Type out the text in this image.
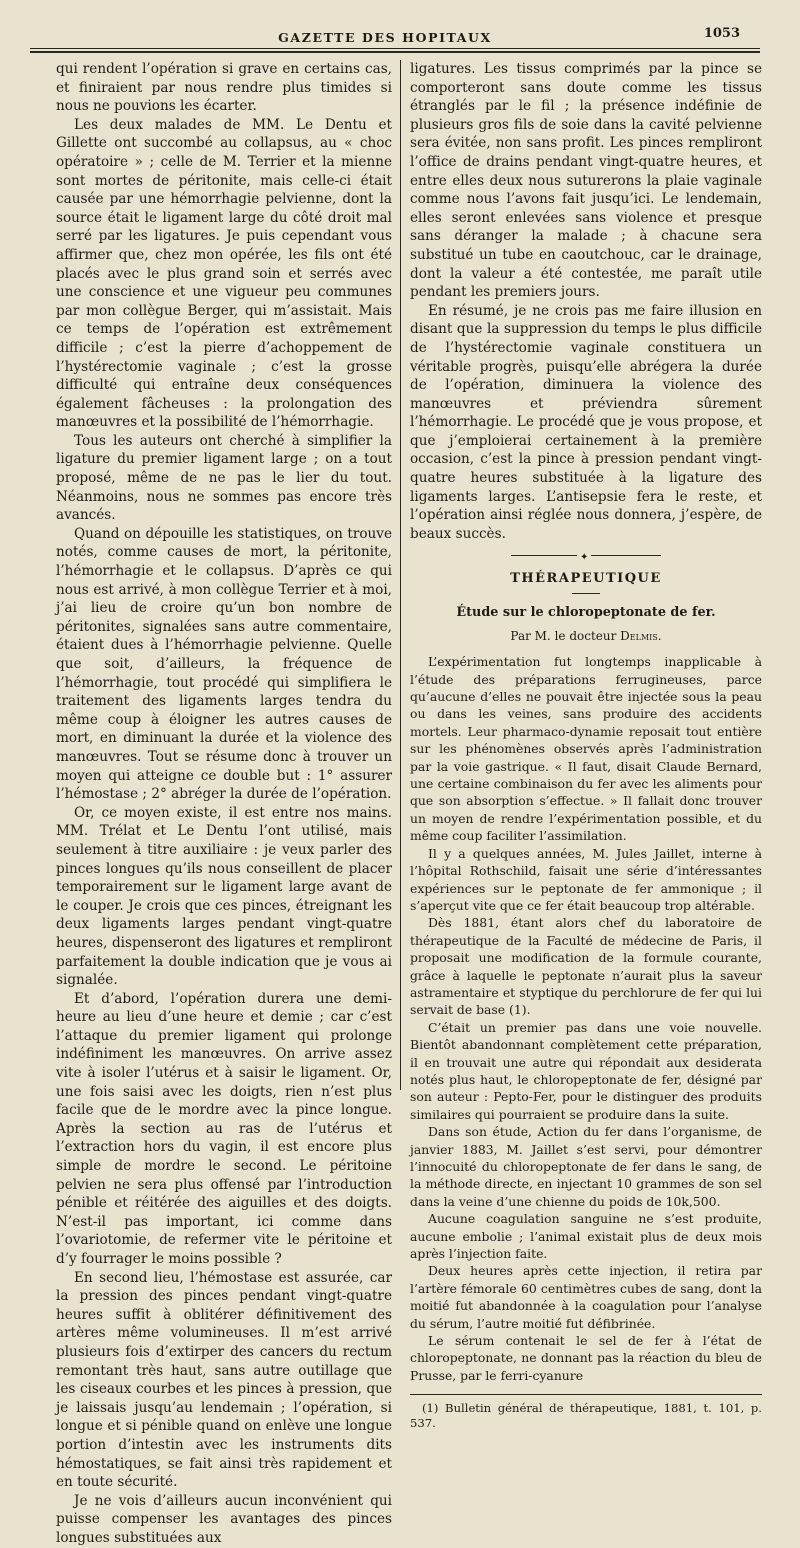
GAZETTE DES HOPITAUX	1053

qui rendent l’opération si grave en certains cas, et finiraient par nous rendre plus timides si nous ne pouvions les écarter.

Les deux malades de MM. Le Dentu et Gillette ont succombé au collapsus, au « choc opératoire » ; celle de M. Terrier et la mienne sont mortes de péritonite, mais celle-ci était causée par une hémorrhagie pelvienne, dont la source était le ligament large du côté droit mal serré par les ligatures. Je puis cependant vous affirmer que, chez mon opérée, les fils ont été placés avec le plus grand soin et serrés avec une conscience et une vigueur peu communes par mon collègue Berger, qui m’assistait. Mais ce temps de l’opération est extrêmement difficile ; c’est la pierre d’achoppement de l’hystérectomie vaginale ; c’est la grosse difficulté qui entraîne deux conséquences également fâcheuses : la prolongation des manœuvres et la possibilité de l’hémorrhagie.

Tous les auteurs ont cherché à simplifier la ligature du premier ligament large ; on a tout proposé, même de ne pas le lier du tout. Néanmoins, nous ne sommes pas encore très avancés.

Quand on dépouille les statistiques, on trouve notés, comme causes de mort, la péritonite, l’hémorrhagie et le collapsus. D’après ce qui nous est arrivé, à mon collègue Terrier et à moi, j’ai lieu de croire qu’un bon nombre de péritonites, signalées sans autre commentaire, étaient dues à l’hémorrhagie pelvienne. Quelle que soit, d’ailleurs, la fréquence de l’hémorrhagie, tout procédé qui simplifiera le traitement des ligaments larges tendra du même coup à éloigner les autres causes de mort, en diminuant la durée et la violence des manœuvres. Tout se résume donc à trouver un moyen qui atteigne ce double but : 1° assurer l’hémostase ; 2° abréger la durée de l’opération.

Or, ce moyen existe, il est entre nos mains. MM. Trélat et Le Dentu l’ont utilisé, mais seulement à titre auxiliaire : je veux parler des pinces longues qu’ils nous conseillent de placer temporairement sur le ligament large avant de le couper. Je crois que ces pinces, étreignant les deux ligaments larges pendant vingt-quatre heures, dispenseront des ligatures et rempliront parfaitement la double indication que je vous ai signalée.

Et d’abord, l’opération durera une demi-heure au lieu d’une heure et demie ; car c’est l’attaque du premier ligament qui prolonge indéfiniment les manœuvres. On arrive assez vite à isoler l’utérus et à saisir le ligament. Or, une fois saisi avec les doigts, rien n’est plus facile que de le mordre avec la pince longue. Après la section au ras de l’utérus et l’extraction hors du vagin, il est encore plus simple de mordre le second. Le péritoine pelvien ne sera plus offensé par l’introduction pénible et réitérée des aiguilles et des doigts. N’est-il pas important, ici comme dans l’ovariotomie, de refermer vite le péritoine et d’y fourrager le moins possible ?

En second lieu, l’hémostase est assurée, car la pression des pinces pendant vingt-quatre heures suffit à oblitérer définitivement des artères même volumineuses. Il m’est arrivé plusieurs fois d’extirper des cancers du rectum remontant très haut, sans autre outillage que les ciseaux courbes et les pinces à pression, que je laissais jusqu’au lendemain ; l’opération, si longue et si pénible quand on enlève une longue portion d’intestin avec les instruments dits hémostatiques, se fait ainsi très rapidement et en toute sécurité.

Je ne vois d’ailleurs aucun inconvénient qui puisse compenser les avantages des pinces longues substituées aux

ligatures. Les tissus comprimés par la pince se comporteront sans doute comme les tissus étranglés par le fil ; la présence indéfinie de plusieurs gros fils de soie dans la cavité pelvienne sera évitée, non sans profit. Les pinces rempliront l’office de drains pendant vingt-quatre heures, et entre elles deux nous suturerons la plaie vaginale comme nous l’avons fait jusqu’ici. Le lendemain, elles seront enlevées sans violence et presque sans déranger la malade ; à chacune sera substitué un tube en caoutchouc, car le drainage, dont la valeur a été contestée, me paraît utile pendant les premiers jours.

En résumé, je ne crois pas me faire illusion en disant que la suppression du temps le plus difficile de l’hystérectomie vaginale constituera un véritable progrès, puisqu’elle abrégera la durée de l’opération, diminuera la violence des manœuvres et préviendra sûrement l’hémorrhagie. Le procédé que je vous propose, et que j’emploierai certainement à la première occasion, c’est la pince à pression pendant vingt-quatre heures substituée à la ligature des ligaments larges. L’antisepsie fera le reste, et l’opération ainsi réglée nous donnera, j’espère, de beaux succès.

✦
THÉRAPEUTIQUE
Étude sur le chloropeptonate de fer.
Par M. le docteur Delmis.

L’expérimentation fut longtemps inapplicable à l’étude des préparations ferrugineuses, parce qu’aucune d’elles ne pouvait être injectée sous la peau ou dans les veines, sans produire des accidents mortels. Leur pharmaco-dynamie reposait tout entière sur les phénomènes observés après l’administration par la voie gastrique. « Il faut, disait Claude Bernard, une certaine combinaison du fer avec les aliments pour que son absorption s’effectue. » Il fallait donc trouver un moyen de rendre l’expérimentation possible, et du même coup faciliter l’assimilation.

Il y a quelques années, M. Jules Jaillet, interne à l’hôpital Rothschild, faisait une série d’intéressantes expériences sur le peptonate de fer ammonique ; il s’aperçut vite que ce fer était beaucoup trop altérable.

Dès 1881, étant alors chef du laboratoire de thérapeutique de la Faculté de médecine de Paris, il proposait une modification de la formule courante, grâce à laquelle le peptonate n’aurait plus la saveur astramentaire et styptique du perchlorure de fer qui lui servait de base (1).

C’était un premier pas dans une voie nouvelle. Bientôt abandonnant complètement cette préparation, il en trouvait une autre qui répondait aux desiderata notés plus haut, le chloropeptonate de fer, désigné par son auteur : Pepto-Fer, pour le distinguer des produits similaires qui pourraient se produire dans la suite.

Dans son étude, Action du fer dans l’organisme, de janvier 1883, M. Jaillet s’est servi, pour démontrer l’innocuité du chloropeptonate de fer dans le sang, de la méthode directe, en injectant 10 grammes de son sel dans la veine d’une chienne du poids de 10k,500.

Aucune coagulation sanguine ne s’est produite, aucune embolie ; l’animal existait plus de deux mois après l’injection faite.

Deux heures après cette injection, il retira par l’artère fémorale 60 centimètres cubes de sang, dont la moitié fut abandonnée à la coagulation pour l’analyse du sérum, l’autre moitié fut défibrinée.

Le sérum contenait le sel de fer à l’état de chloropeptonate, ne donnant pas la réaction du bleu de Prusse, par le ferri-cyanure

(1) Bulletin général de thérapeutique, 1881, t. 101, p. 537.
